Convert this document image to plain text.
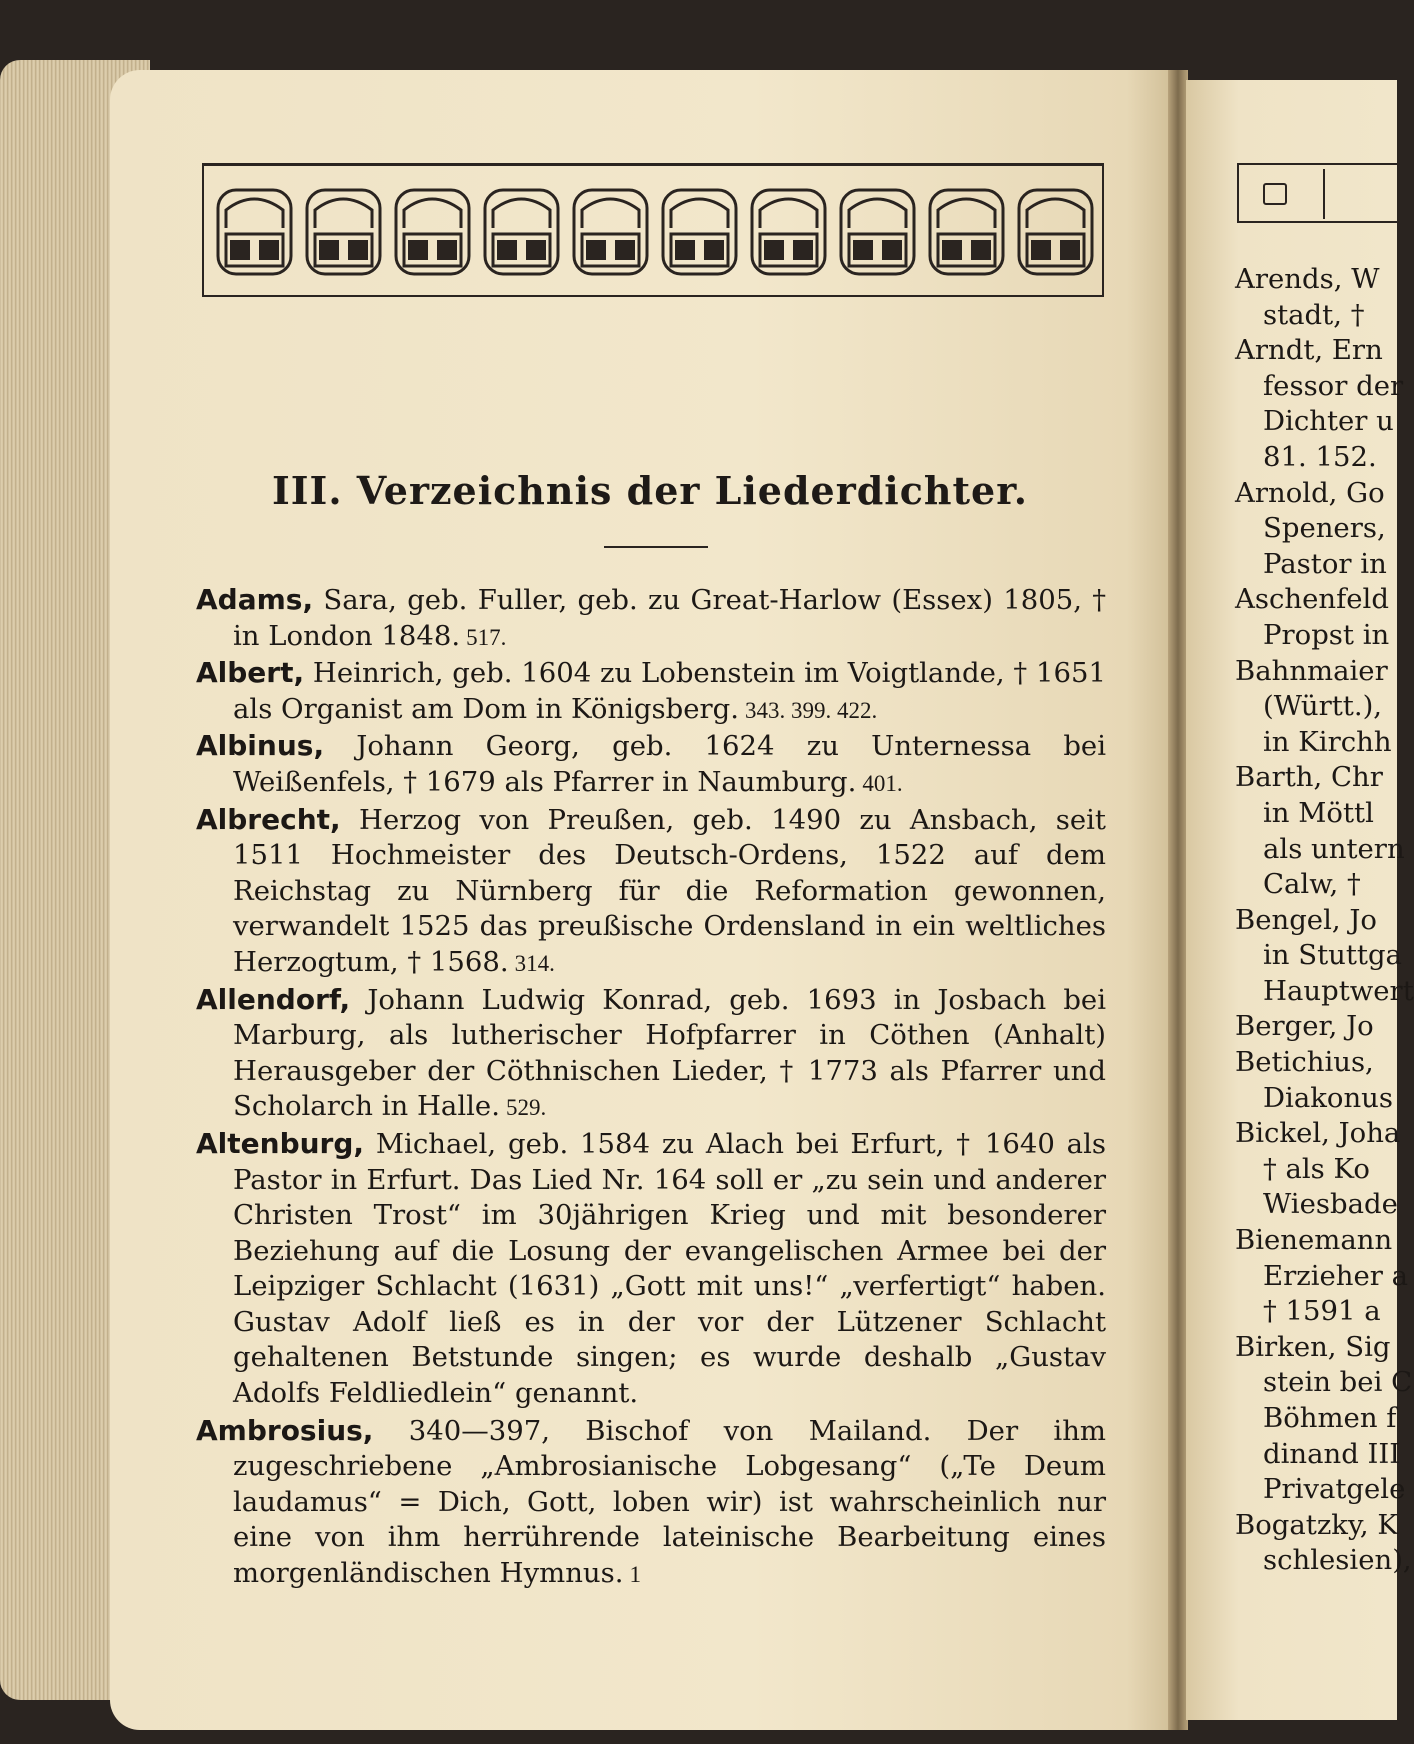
III. Verzeichnis der Liederdichter.

Adams, Sara, geb. Fuller, geb. zu Great-Harlow (Essex) 1805, † in London 1848. 517.

Albert, Heinrich, geb. 1604 zu Lobenstein im Voigtlande, † 1651 als Organist am Dom in Königsberg. 343. 399. 422.

Albinus, Johann Georg, geb. 1624 zu Unternessa bei Weißenfels, † 1679 als Pfarrer in Naumburg. 401.

Albrecht, Herzog von Preußen, geb. 1490 zu Ansbach, seit 1511 Hochmeister des Deutsch-Ordens, 1522 auf dem Reichstag zu Nürnberg für die Reformation gewonnen, verwandelt 1525 das preußische Ordensland in ein weltliches Herzogtum, † 1568. 314.

Allendorf, Johann Ludwig Konrad, geb. 1693 in Josbach bei Marburg, als lutherischer Hofpfarrer in Cöthen (Anhalt) Herausgeber der Cöthnischen Lieder, † 1773 als Pfarrer und Scholarch in Halle. 529.

Altenburg, Michael, geb. 1584 zu Alach bei Erfurt, † 1640 als Pastor in Erfurt. Das Lied Nr. 164 soll er „zu sein und anderer Christen Trost“ im 30jährigen Krieg und mit besonderer Beziehung auf die Losung der evangelischen Armee bei der Leipziger Schlacht (1631) „Gott mit uns!“ „verfertigt“ haben. Gustav Adolf ließ es in der vor der Lützener Schlacht gehaltenen Betstunde singen; es wurde deshalb „Gustav Adolfs Feldliedlein“ genannt.

Ambrosius, 340—397, Bischof von Mailand. Der ihm zugeschriebene „Ambrosianische Lobgesang“ („Te Deum laudamus“ = Dich, Gott, loben wir) ist wahrscheinlich nur eine von ihm herrührende lateinische Bearbeitung eines morgenländischen Hymnus. 1

Arends, W
stadt, †
Arndt, Ern
fessor der
Dichter u
81. 152.
Arnold, Go
Speners,
Pastor in
Aschenfeld
Propst in
Bahnmaier
(Württ.),
in Kirchh
Barth, Chr
in Möttl
als untern
Calw, †
Bengel, Jo
in Stuttga
Hauptwert
Berger, Jo
Betichius,
Diakonus
Bickel, Joha
† als Ko
Wiesbade
Bienemann
Erzieher a
† 1591 a
Birken, Sig
stein bei C
Böhmen f
dinand III
Privatgele
Bogatzky, K
schlesien),
